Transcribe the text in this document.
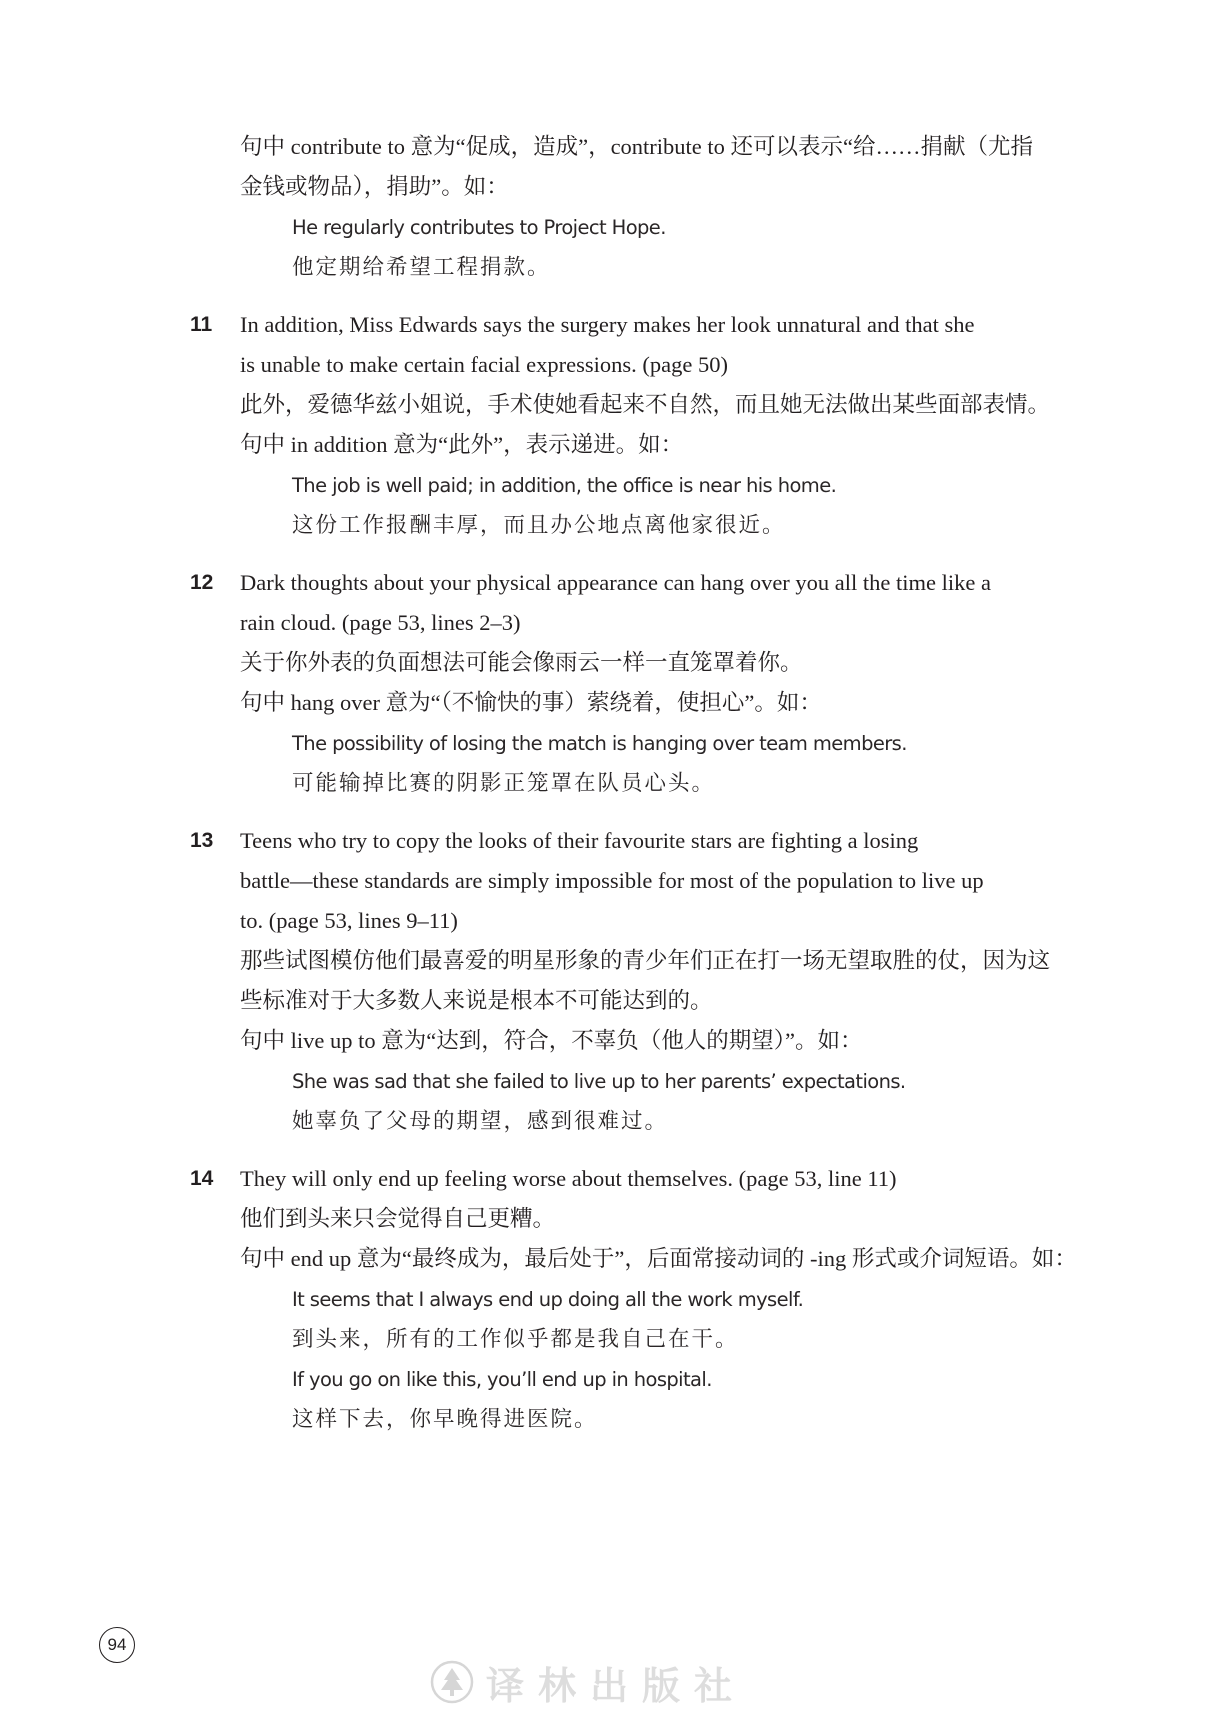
句中 contribute to 意为“促成，造成”，contribute to 还可以表示“给……捐献（尤指
金钱或物品），捐助”。如：
He regularly contributes to Project Hope.
他定期给希望工程捐款。
11 In addition, Miss Edwards says the surgery makes her look unnatural and that she
is unable to make certain facial expressions. (page 50)
此外，爱德华兹小姐说，手术使她看起来不自然，而且她无法做出某些面部表情。
句中 in addition 意为“此外”，表示递进。如：
The job is well paid; in addition, the office is near his home.
这份工作报酬丰厚，而且办公地点离他家很近。
12 Dark thoughts about your physical appearance can hang over you all the time like a
rain cloud. (page 53, lines 2–3)
关于你外表的负面想法可能会像雨云一样一直笼罩着你。
句中 hang over 意为“（不愉快的事）萦绕着，使担心”。如：
The possibility of losing the match is hanging over team members.
可能输掉比赛的阴影正笼罩在队员心头。
13 Teens who try to copy the looks of their favourite stars are fighting a losing
battle—these standards are simply impossible for most of the population to live up
to. (page 53, lines 9–11)
那些试图模仿他们最喜爱的明星形象的青少年们正在打一场无望取胜的仗，因为这
些标准对于大多数人来说是根本不可能达到的。
句中 live up to 意为“达到，符合，不辜负（他人的期望）”。如：
She was sad that she failed to live up to her parents’ expectations.
她辜负了父母的期望，感到很难过。
14 They will only end up feeling worse about themselves. (page 53, line 11)
他们到头来只会觉得自己更糟。
句中 end up 意为“最终成为，最后处于”，后面常接动词的 -ing 形式或介词短语。如：
It seems that I always end up doing all the work myself.
到头来，所有的工作似乎都是我自己在干。
If you go on like this, you’ll end up in hospital.
这样下去，你早晚得进医院。
94
译林出版社
